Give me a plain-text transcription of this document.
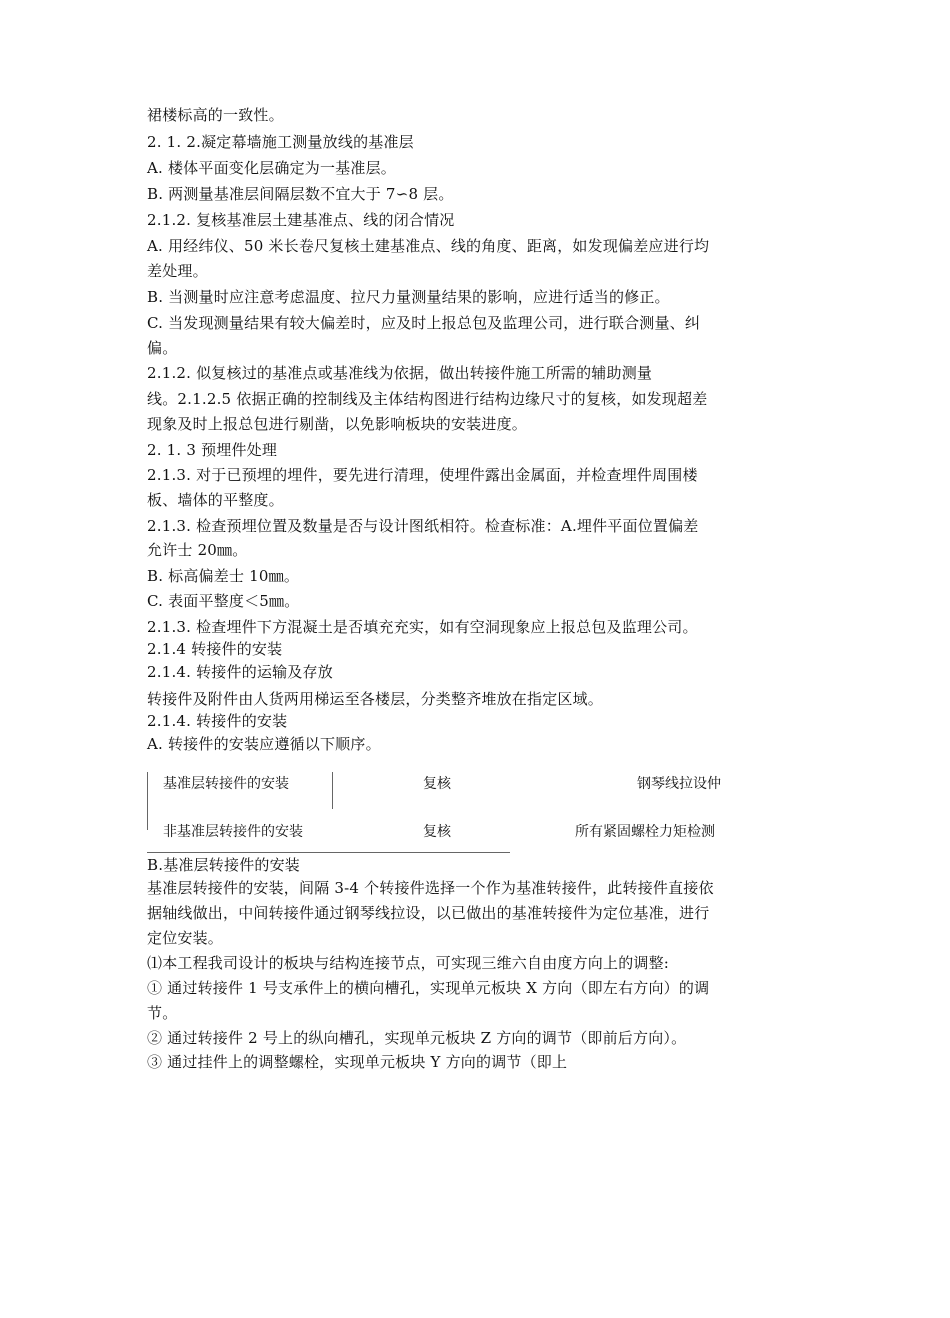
裙楼标高的一致性。
2. 1. 2.凝定幕墙施工测量放线的基准层
A. 楼体平面变化层确定为一基准层。
B. 两测量基准层间隔层数不宜大于 7∽8 层。
2.1.2. 复核基准层土建基准点、线的闭合情况
A. 用经纬仪、50 米长卷尺复核土建基准点、线的角度、距离，如发现偏差应进行均
差处理。
B. 当测量时应注意考虑温度、拉尺力量测量结果的影响，应进行适当的修正。
C. 当发现测量结果有较大偏差时，应及时上报总包及监理公司，进行联合测量、纠
偏。
2.1.2. 似复核过的基准点或基准线为依据，做出转接件施工所需的辅助测量
线。2.1.2.5 依据正确的控制线及主体结构图进行结构边缘尺寸的复核，如发现超差
现象及时上报总包进行剔凿，以免影响板块的安装进度。
2. 1. 3 预埋件处理
2.1.3. 对于已预埋的埋件，要先进行清理，使埋件露出金属面，并检查埋件周围楼
板、墙体的平整度。
2.1.3. 检查预埋位置及数量是否与设计图纸相符。检查标准：A.埋件平面位置偏差
允许士 20㎜。
B. 标高偏差士 10㎜。
C. 表面平整度＜5㎜。
2.1.3. 检查埋件下方混凝土是否填充充实，如有空洞现象应上报总包及监理公司。
2.1.4 转接件的安装
2.1.4. 转接件的运输及存放
转接件及附件由人货两用梯运至各楼层，分类整齐堆放在指定区域。
2.1.4. 转接件的安装
A. 转接件的安装应遵循以下顺序。
基准层转接件的安装	复核	钢琴线拉设仲
非基准层转接件的安装	复核	所有紧固螺栓力矩检测
B.基准层转接件的安装
基准层转接件的安装，间隔 3-4 个转接件选择一个作为基准转接件，此转接件直接依
据轴线做出，中间转接件通过钢琴线拉设，以已做出的基准转接件为定位基准，进行
定位安装。
⑴本工程我司设计的板块与结构连接节点，可实现三维六自由度方向上的调整:
① 通过转接件 1 号支承件上的横向槽孔，实现单元板块 X 方向（即左右方向）的调
节。
② 通过转接件 2 号上的纵向槽孔，实现单元板块 Z 方向的调节（即前后方向）。
③ 通过挂件上的调整螺栓，实现单元板块 Y 方向的调节（即上
